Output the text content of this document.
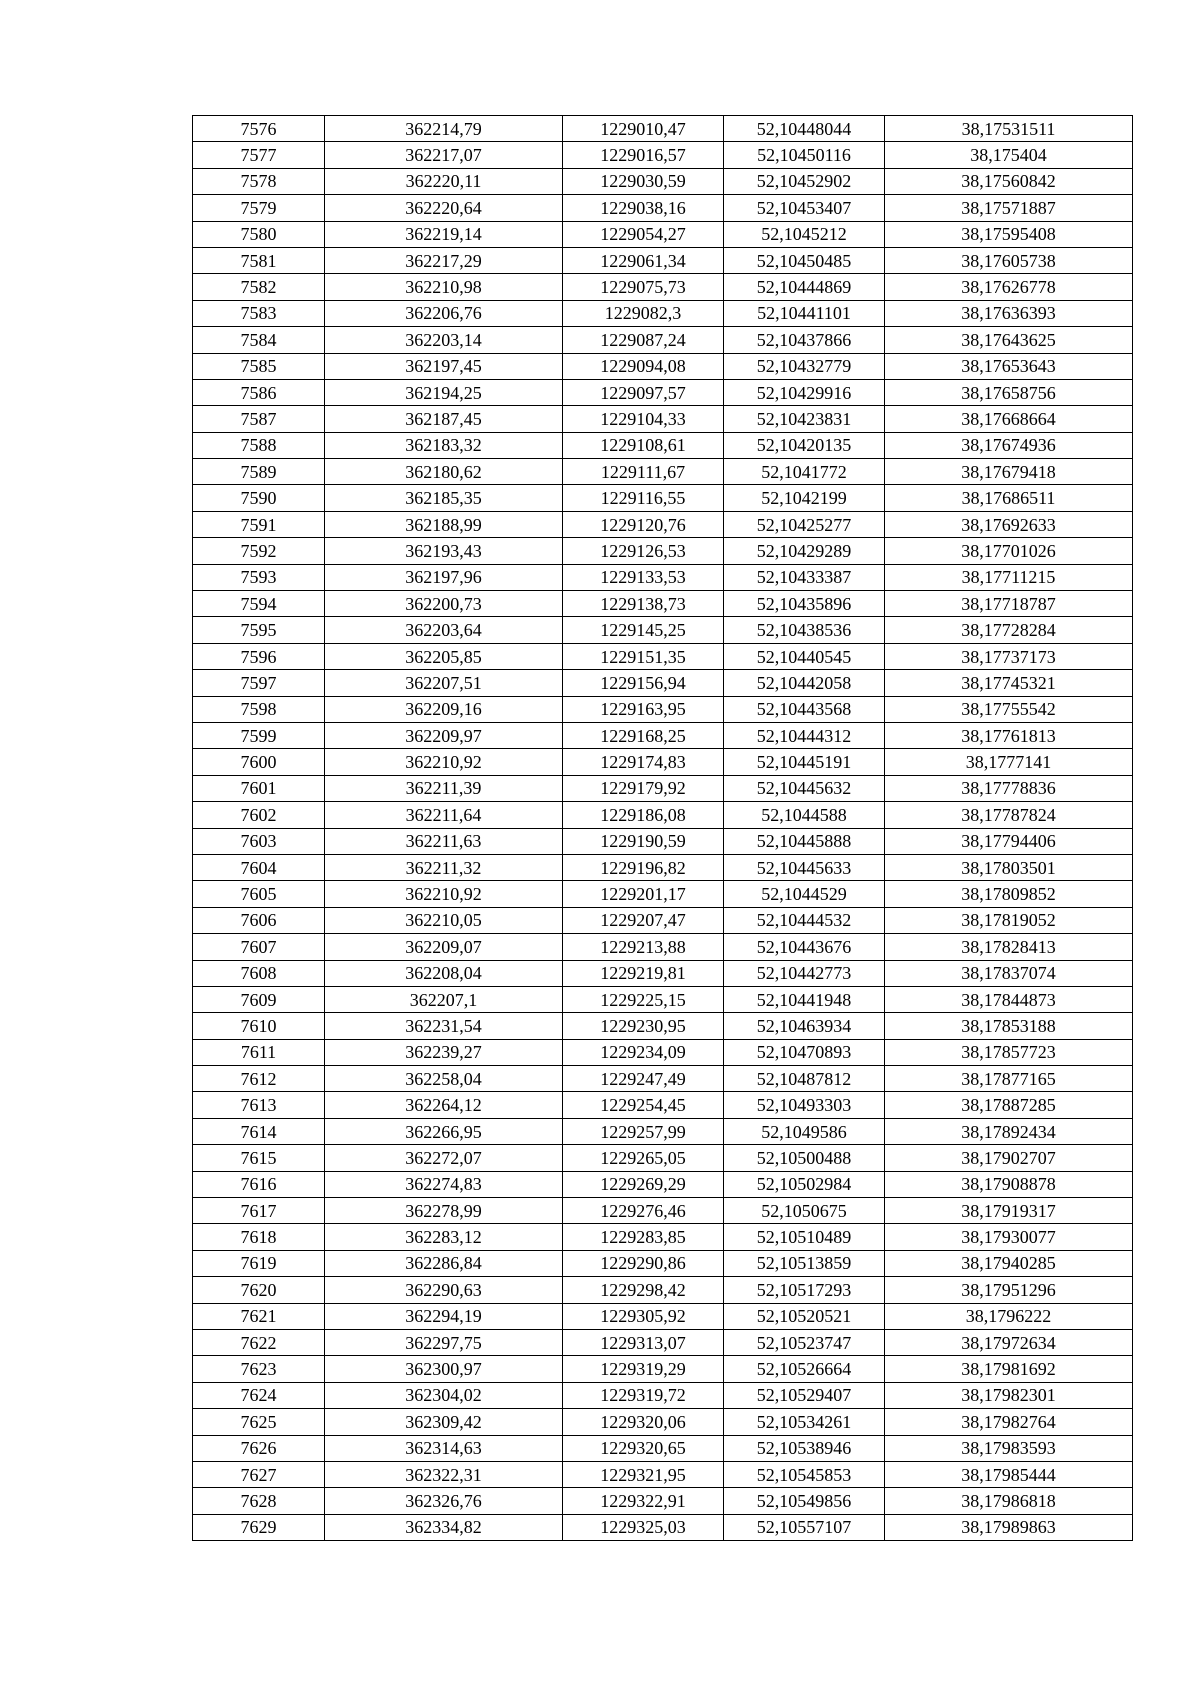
7576	362214,79	1229010,47	52,10448044	38,17531511
7577	362217,07	1229016,57	52,10450116	38,175404
7578	362220,11	1229030,59	52,10452902	38,17560842
7579	362220,64	1229038,16	52,10453407	38,17571887
7580	362219,14	1229054,27	52,1045212	38,17595408
7581	362217,29	1229061,34	52,10450485	38,17605738
7582	362210,98	1229075,73	52,10444869	38,17626778
7583	362206,76	1229082,3	52,10441101	38,17636393
7584	362203,14	1229087,24	52,10437866	38,17643625
7585	362197,45	1229094,08	52,10432779	38,17653643
7586	362194,25	1229097,57	52,10429916	38,17658756
7587	362187,45	1229104,33	52,10423831	38,17668664
7588	362183,32	1229108,61	52,10420135	38,17674936
7589	362180,62	1229111,67	52,1041772	38,17679418
7590	362185,35	1229116,55	52,1042199	38,17686511
7591	362188,99	1229120,76	52,10425277	38,17692633
7592	362193,43	1229126,53	52,10429289	38,17701026
7593	362197,96	1229133,53	52,10433387	38,17711215
7594	362200,73	1229138,73	52,10435896	38,17718787
7595	362203,64	1229145,25	52,10438536	38,17728284
7596	362205,85	1229151,35	52,10440545	38,17737173
7597	362207,51	1229156,94	52,10442058	38,17745321
7598	362209,16	1229163,95	52,10443568	38,17755542
7599	362209,97	1229168,25	52,10444312	38,17761813
7600	362210,92	1229174,83	52,10445191	38,1777141
7601	362211,39	1229179,92	52,10445632	38,17778836
7602	362211,64	1229186,08	52,1044588	38,17787824
7603	362211,63	1229190,59	52,10445888	38,17794406
7604	362211,32	1229196,82	52,10445633	38,17803501
7605	362210,92	1229201,17	52,1044529	38,17809852
7606	362210,05	1229207,47	52,10444532	38,17819052
7607	362209,07	1229213,88	52,10443676	38,17828413
7608	362208,04	1229219,81	52,10442773	38,17837074
7609	362207,1	1229225,15	52,10441948	38,17844873
7610	362231,54	1229230,95	52,10463934	38,17853188
7611	362239,27	1229234,09	52,10470893	38,17857723
7612	362258,04	1229247,49	52,10487812	38,17877165
7613	362264,12	1229254,45	52,10493303	38,17887285
7614	362266,95	1229257,99	52,1049586	38,17892434
7615	362272,07	1229265,05	52,10500488	38,17902707
7616	362274,83	1229269,29	52,10502984	38,17908878
7617	362278,99	1229276,46	52,1050675	38,17919317
7618	362283,12	1229283,85	52,10510489	38,17930077
7619	362286,84	1229290,86	52,10513859	38,17940285
7620	362290,63	1229298,42	52,10517293	38,17951296
7621	362294,19	1229305,92	52,10520521	38,1796222
7622	362297,75	1229313,07	52,10523747	38,17972634
7623	362300,97	1229319,29	52,10526664	38,17981692
7624	362304,02	1229319,72	52,10529407	38,17982301
7625	362309,42	1229320,06	52,10534261	38,17982764
7626	362314,63	1229320,65	52,10538946	38,17983593
7627	362322,31	1229321,95	52,10545853	38,17985444
7628	362326,76	1229322,91	52,10549856	38,17986818
7629	362334,82	1229325,03	52,10557107	38,17989863
